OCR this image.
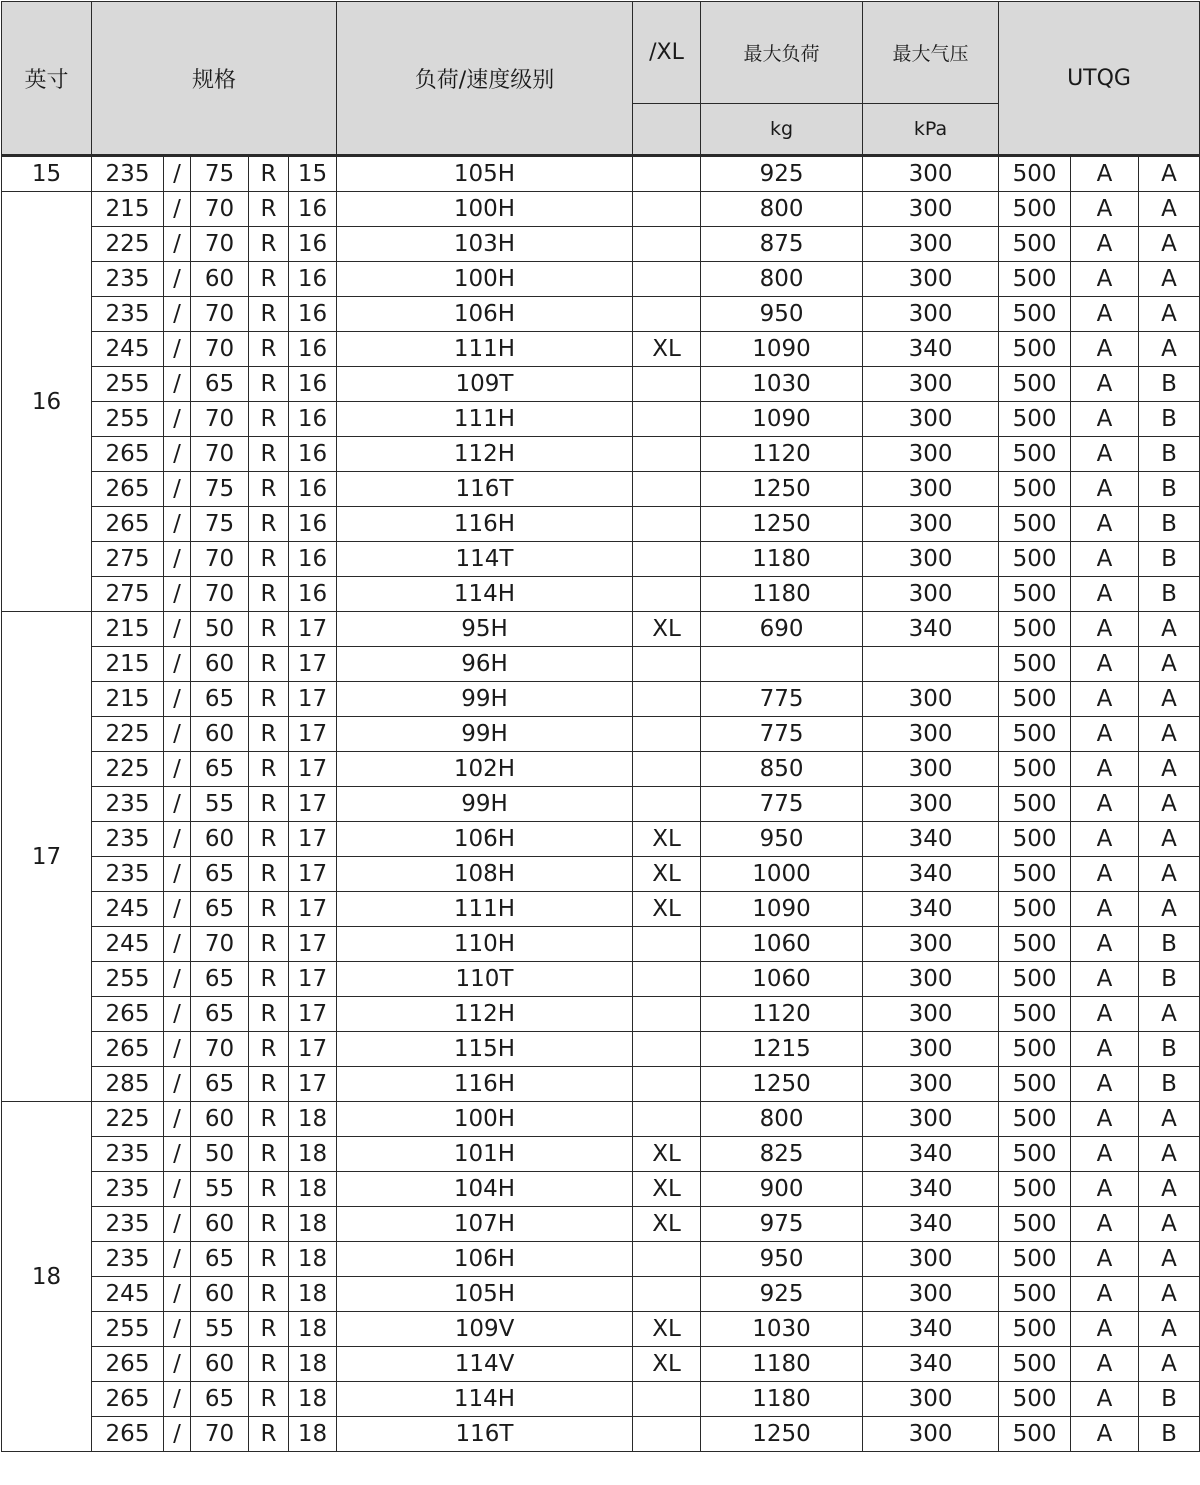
英寸	规格					负荷/速度级别	/XL	最大负荷	最大气压	UTQG		
								kg	kPa			
15	235	/	75	R	15	105H		925	300	500	A	A
16	215	/	70	R	16	100H		800	300	500	A	A
	225	/	70	R	16	103H		875	300	500	A	A
	235	/	60	R	16	100H		800	300	500	A	A
	235	/	70	R	16	106H		950	300	500	A	A
	245	/	70	R	16	111H	XL	1090	340	500	A	A
	255	/	65	R	16	109T		1030	300	500	A	B
	255	/	70	R	16	111H		1090	300	500	A	B
	265	/	70	R	16	112H		1120	300	500	A	B
	265	/	75	R	16	116T		1250	300	500	A	B
	265	/	75	R	16	116H		1250	300	500	A	B
	275	/	70	R	16	114T		1180	300	500	A	B
	275	/	70	R	16	114H		1180	300	500	A	B
17	215	/	50	R	17	95H	XL	690	340	500	A	A
	215	/	60	R	17	96H				500	A	A
	215	/	65	R	17	99H		775	300	500	A	A
	225	/	60	R	17	99H		775	300	500	A	A
	225	/	65	R	17	102H		850	300	500	A	A
	235	/	55	R	17	99H		775	300	500	A	A
	235	/	60	R	17	106H	XL	950	340	500	A	A
	235	/	65	R	17	108H	XL	1000	340	500	A	A
	245	/	65	R	17	111H	XL	1090	340	500	A	A
	245	/	70	R	17	110H		1060	300	500	A	B
	255	/	65	R	17	110T		1060	300	500	A	B
	265	/	65	R	17	112H		1120	300	500	A	A
	265	/	70	R	17	115H		1215	300	500	A	B
	285	/	65	R	17	116H		1250	300	500	A	B
18	225	/	60	R	18	100H		800	300	500	A	A
	235	/	50	R	18	101H	XL	825	340	500	A	A
	235	/	55	R	18	104H	XL	900	340	500	A	A
	235	/	60	R	18	107H	XL	975	340	500	A	A
	235	/	65	R	18	106H		950	300	500	A	A
	245	/	60	R	18	105H		925	300	500	A	A
	255	/	55	R	18	109V	XL	1030	340	500	A	A
	265	/	60	R	18	114V	XL	1180	340	500	A	A
	265	/	65	R	18	114H		1180	300	500	A	B
	265	/	70	R	18	116T		1250	300	500	A	B
